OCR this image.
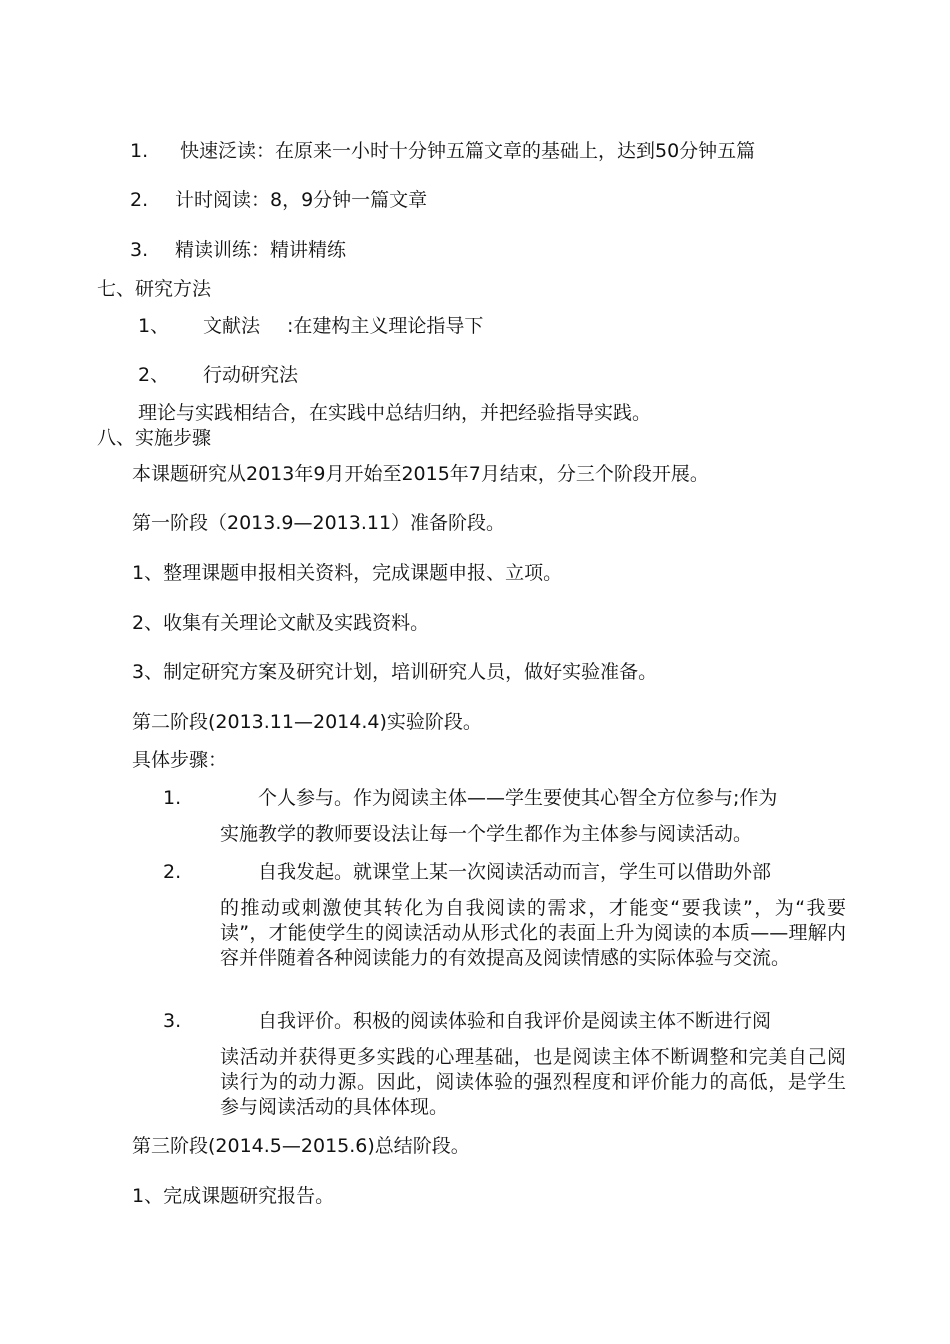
1. 快速泛读：在原来一小时十分钟五篇文章的基础上，达到50分钟五篇
2. 计时阅读：8，9分钟一篇文章
3. 精读训练：精讲精练
七、研究方法
1、 文献法 :在建构主义理论指导下
2、 行动研究法
理论与实践相结合，在实践中总结归纳，并把经验指导实践。
八、实施步骤
本课题研究从2013年9月开始至2015年7月结束，分三个阶段开展。
第一阶段（2013.9—2013.11）准备阶段。
1、整理课题申报相关资料，完成课题申报、立项。
2、收集有关理论文献及实践资料。
3、制定研究方案及研究计划，培训研究人员，做好实验准备。
第二阶段(2013.11—2014.4)实验阶段。
具体步骤：
1.	个人参与。作为阅读主体——学生要使其心智全方位参与;作为
实施教学的教师要设法让每一个学生都作为主体参与阅读活动。
2.	自我发起。就课堂上某一次阅读活动而言，学生可以借助外部
的推动或刺激使其转化为自我阅读的需求，才能变“要我读”，为“我要读”，才能使学生的阅读活动从形式化的表面上升为阅读的本质——理解内容并伴随着各种阅读能力的有效提高及阅读情感的实际体验与交流。
3.	自我评价。积极的阅读体验和自我评价是阅读主体不断进行阅
读活动并获得更多实践的心理基础，也是阅读主体不断调整和完美自己阅读行为的动力源。因此，阅读体验的强烈程度和评价能力的高低，是学生参与阅读活动的具体体现。
第三阶段(2014.5—2015.6)总结阶段。
1、完成课题研究报告。
